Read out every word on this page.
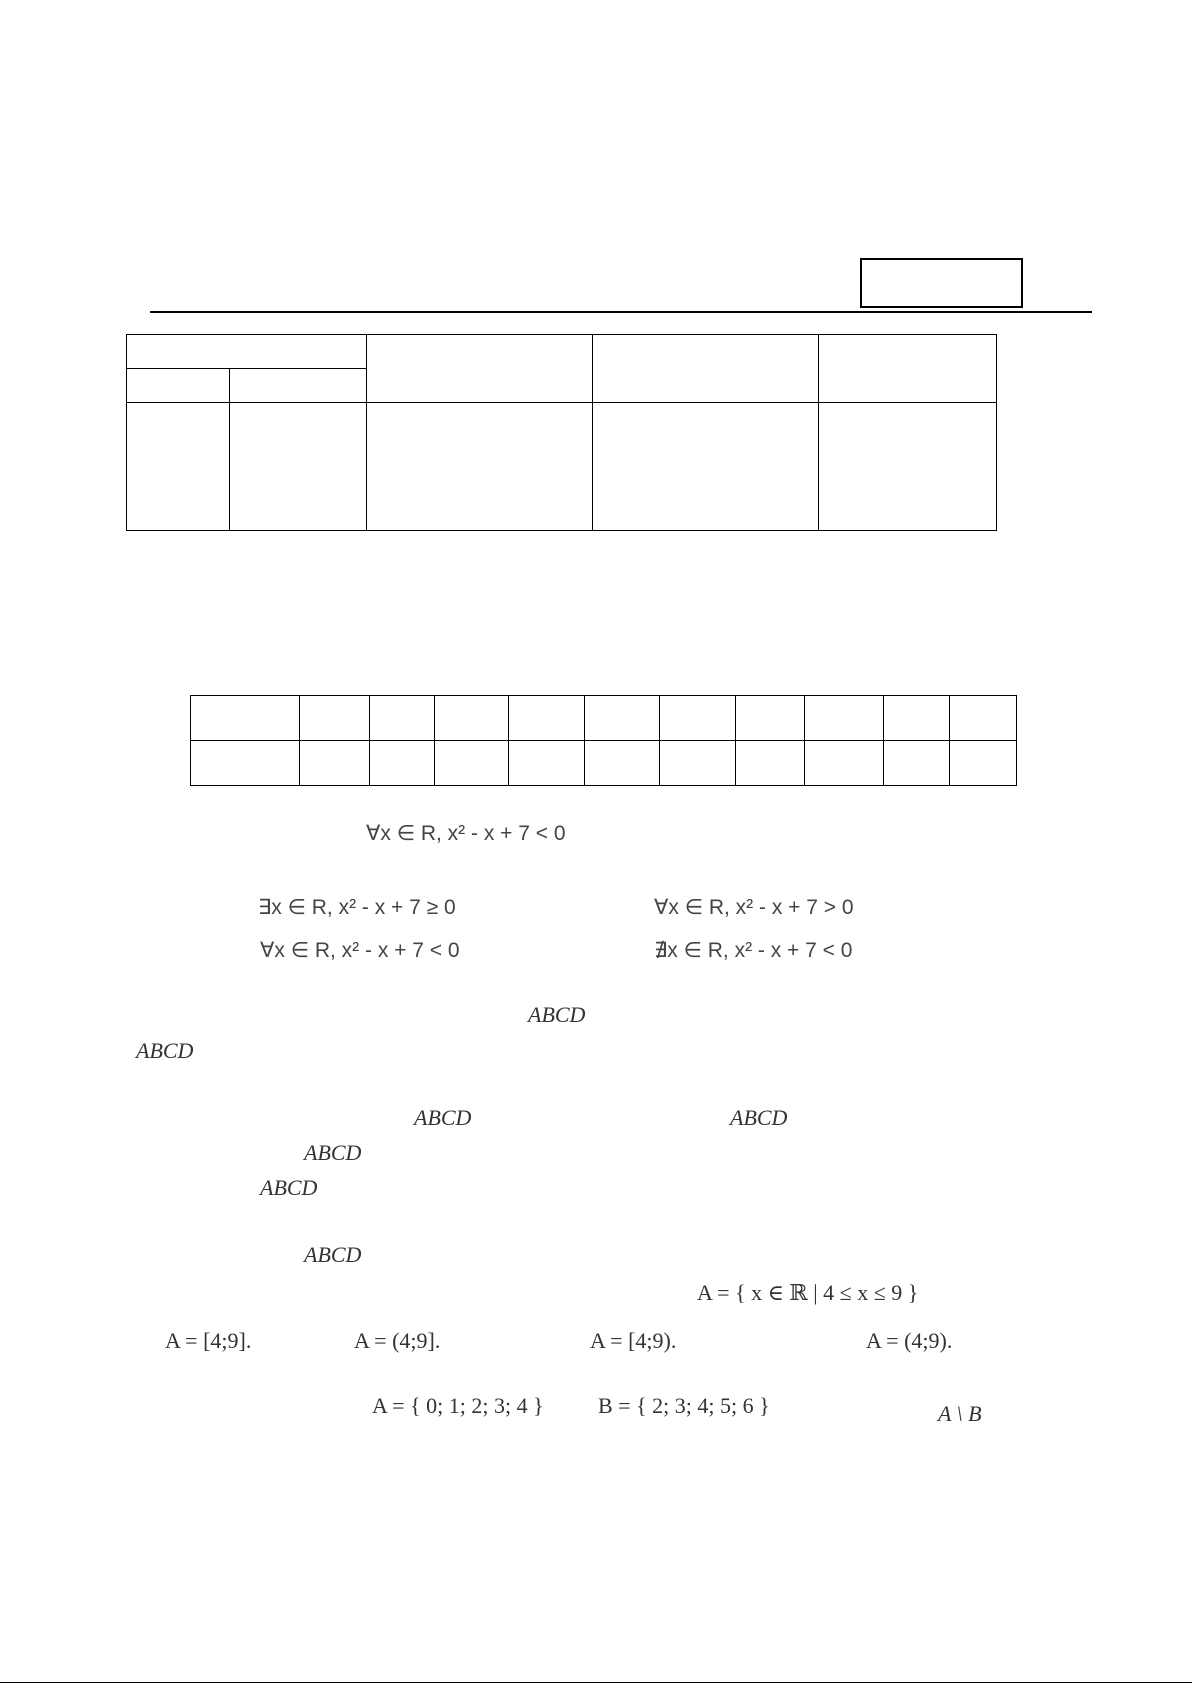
∀x ∈ R, x² - x + 7 < 0
∃x ∈ R, x² - x + 7 ≥ 0	∀x ∈ R, x² - x + 7 > 0
∀x ∈ R, x² - x + 7 < 0	∄x ∈ R, x² - x + 7 < 0
ABCD
ABCD
ABCD	ABCD
ABCD
ABCD
ABCD
A = { x ∈ ℝ | 4 ≤ x ≤ 9 }
A = [4;9].	A = (4;9].	A = [4;9).	A = (4;9).
A = { 0; 1; 2; 3; 4 } B = { 2; 3; 4; 5; 6 }	A \ B
